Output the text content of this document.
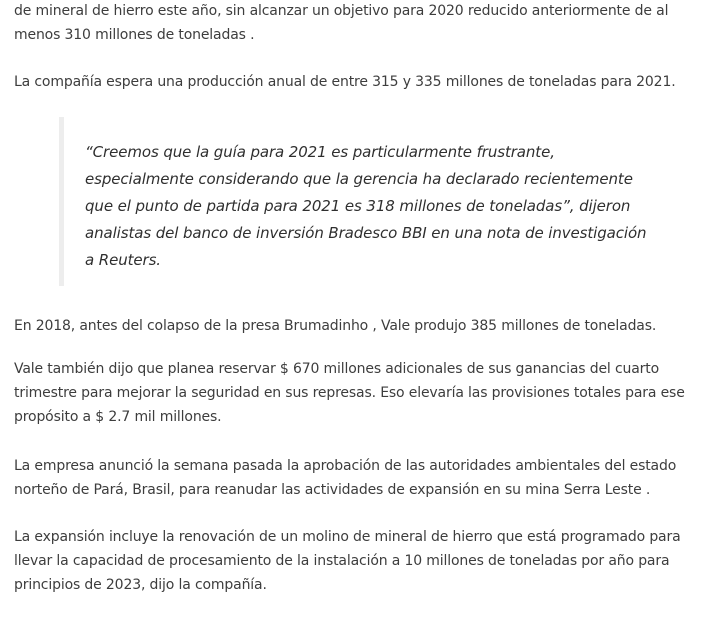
de mineral de hierro este año, sin alcanzar un objetivo para 2020 reducido anteriormente de al menos 310 millones de toneladas .

La compañía espera una producción anual de entre 315 y 335 millones de toneladas para 2021.

“Creemos que la guía para 2021 es particularmente frustrante, especialmente considerando que la gerencia ha declarado recientemente que el punto de partida para 2021 es 318 millones de toneladas”, dijeron analistas del banco de inversión Bradesco BBI en una nota de investigación a Reuters.

En 2018, antes del colapso de la presa Brumadinho , Vale produjo 385 millones de toneladas.

Vale también dijo que planea reservar $ 670 millones adicionales de sus ganancias del cuarto trimestre para mejorar la seguridad en sus represas. Eso elevaría las provisiones totales para ese propósito a $ 2.7 mil millones.

La empresa anunció la semana pasada la aprobación de las autoridades ambientales del estado norteño de Pará, Brasil, para reanudar las actividades de expansión en su mina Serra Leste .

La expansión incluye la renovación de un molino de mineral de hierro que está programado para llevar la capacidad de procesamiento de la instalación a 10 millones de toneladas por año para principios de 2023, dijo la compañía.
